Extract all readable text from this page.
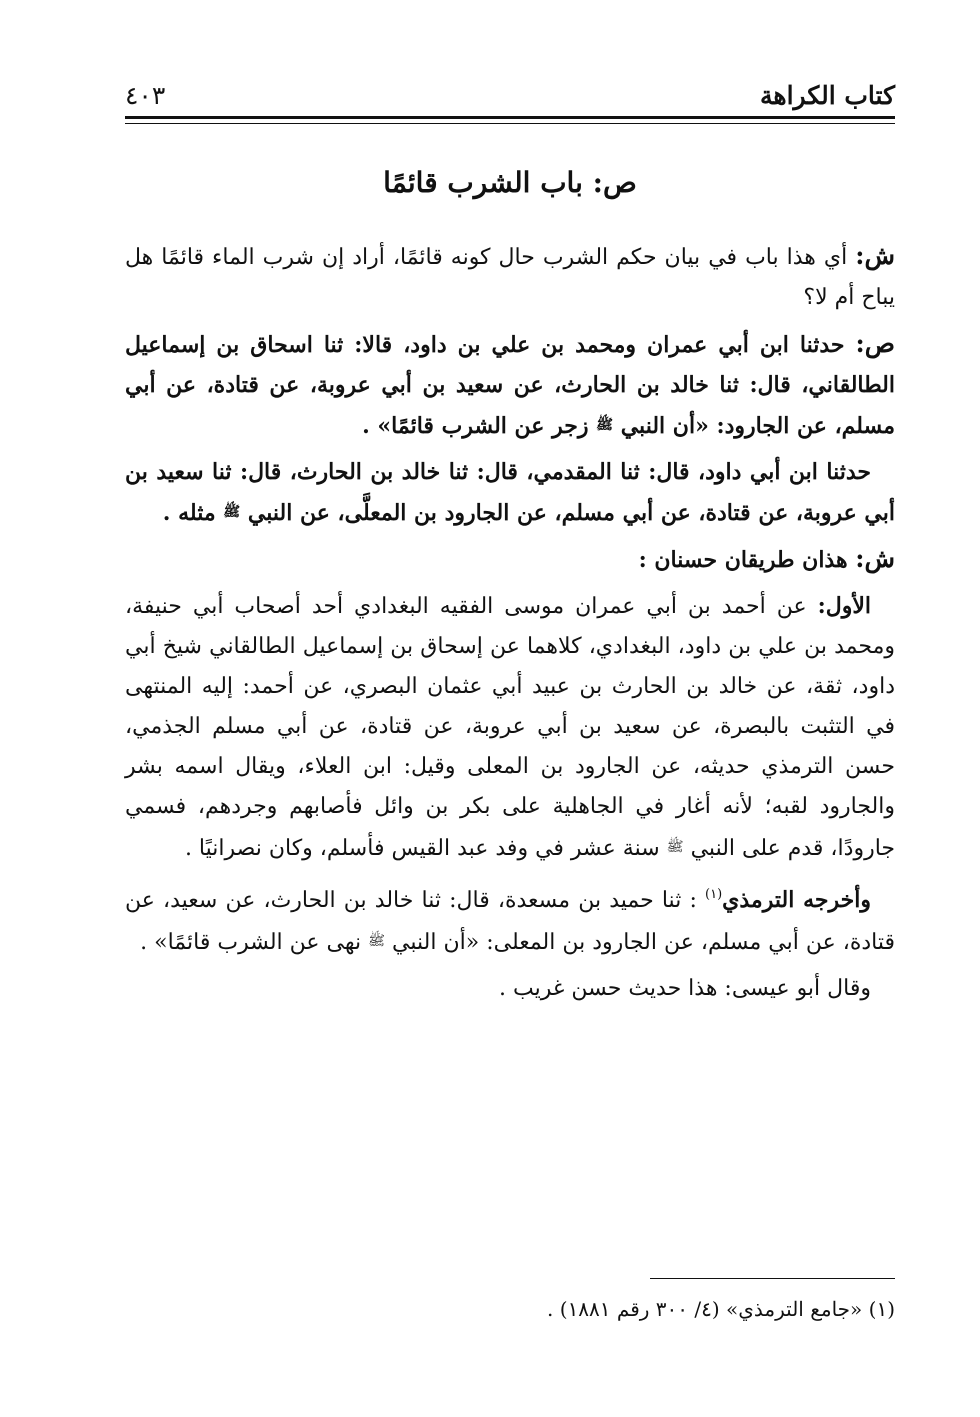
كتاب الكراهة
٤٠٣
ص: باب الشرب قائمًا

ش: أي هذا باب في بيان حكم الشرب حال كونه قائمًا، أراد إن شرب الماء قائمًا هل يباح أم لا؟

ص: حدثنا ابن أبي عمران ومحمد بن علي بن داود، قالا: ثنا اسحاق بن إسماعيل الطالقاني، قال: ثنا خالد بن الحارث، عن سعيد بن أبي عروبة، عن قتادة، عن أبي مسلم، عن الجارود: «أن النبي ﷺ زجر عن الشرب قائمًا» .

حدثنا ابن أبي داود، قال: ثنا المقدمي، قال: ثنا خالد بن الحارث، قال: ثنا سعيد بن أبي عروبة، عن قتادة، عن أبي مسلم، عن الجارود بن المعلَّى، عن النبي ﷺ مثله .

ش: هذان طريقان حسنان :

الأول: عن أحمد بن أبي عمران موسى الفقيه البغدادي أحد أصحاب أبي حنيفة، ومحمد بن علي بن داود، البغدادي، كلاهما عن إسحاق بن إسماعيل الطالقاني شيخ أبي داود، ثقة، عن خالد بن الحارث بن عبيد أبي عثمان البصري، عن أحمد: إليه المنتهى في التثبت بالبصرة، عن سعيد بن أبي عروبة، عن قتادة، عن أبي مسلم الجذمي، حسن الترمذي حديثه، عن الجارود بن المعلى وقيل: ابن العلاء، ويقال اسمه بشر والجارود لقبه؛ لأنه أغار في الجاهلية على بكر بن وائل فأصابهم وجردهم، فسمي جارودًا، قدم على النبي ﷺ سنة عشر في وفد عبد القيس فأسلم، وكان نصرانيًا .

وأخرجه الترمذي$^{(١)}$ : ثنا حميد بن مسعدة، قال: ثنا خالد بن الحارث، عن سعيد، عن قتادة، عن أبي مسلم، عن الجارود بن المعلى: «أن النبي ﷺ نهى عن الشرب قائمًا» .

وقال أبو عيسى: هذا حديث حسن غريب .

(١) «جامع الترمذي» (٤/ ٣٠٠ رقم ١٨٨١) .
